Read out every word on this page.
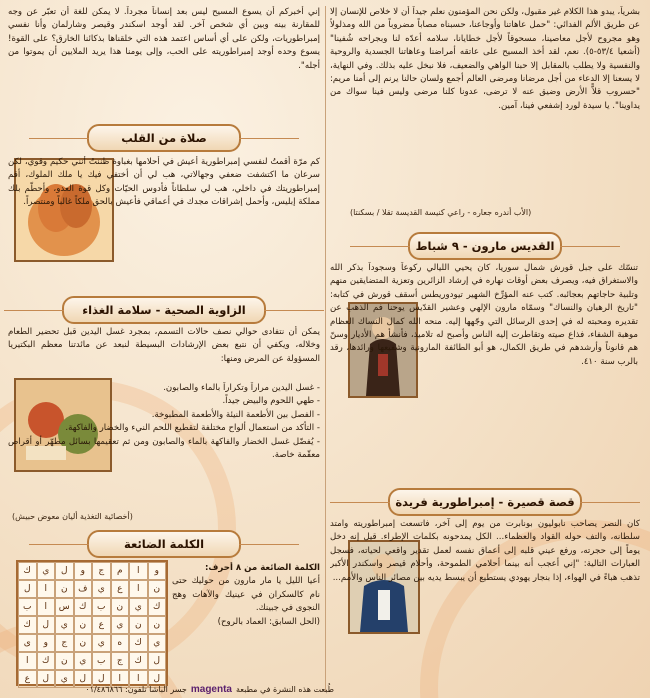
بشرياً، يبدو هذا الكلام غير مقبول، ولكن نحن المؤمنون نعلم جيداً أن لا خلاص للإنسان إلا عن طريق الألم الفدائي: "حمل عاهاتنا وأوجاعنا، حسبناه مصاباً مضروباً من الله ومذلولاً وهو مجروح لأجل معاصينا، مسحوقاً لأجل خطايانا، سلامه أعدّه لنا وبجراحه شُفينا" (أشعيا ٥٣/٤-٥). نعم، لقد أخذ المسيح على عاتقه أمراضنا وعاهاتنا الجسدية والروحية والنفسية ولا يطلب بالمقابل إلا حبنا الواهي والضعيف، فلا نبخل عليه بذلك. وفي النهاية، لا يسعنا إلا الدعاء من أجل مرضانا ومرضى العالم أجمع ولسان حالنا يرنم إلى أمنا مريم: "حسروب قلاًّ الأرض وضيق عنه لا ترضى، عدونا كلنا مرضى وليس فينا سواك من يداوينا". يا سيدة لورد إشفعي فينا، آمين.
(الأب أندره جعاره - راعي كنيسة القديسة تقلا / بسكنتا)
القديس مارون - ٩ شباط
تنسّك على جبل قورش شمال سوريا، كان يحيي الليالي ركوعاً وسجوداً بذكر الله والاستغراق فيه، ويصرف بعض أوقات نهاره في إرشاد الزائرين وتعزية المتضايقين منهم وتلبية حاجاتهم بعجائبه. كتب عنه المؤرِّخ الشهير تيودوريطس أسقف قورش في كتابه: "تاريخ الرهبان والنساك" وسمّاه مارون الإلهي وعشير القدّيس يوحنا فم الذهب عن تقديره ومحبته له في إحدى الرسائل التي وجّهها إليه. منحه الله كمال النساك العظام موهبة الشفاء، فذاع صيته وتقاطرت إليه الناس وأصبح له تلاميذ، فأنشأ هم الأديار وسنّ هم قانوناً وأرشدهم في طريق الكمال، هو أبو الطائفة المارونية وشفيعها ورائدها، رقد بالرب سنة ٤١٠.
قصة قصيرة - إمبراطورية فريدة
كان النصر يصاحب نابوليون بونابرت من يوم إلى آخر، فاتسعت إمبراطوريته وامتد سلطانه، والتف حوله القواد والعظماء... الكل يمدحونه بكلمات الإطراء. قيل إنه دخل يوماً إلى حجرته، ورفع عيني قلبه إلى أعماق نفسه لعمل تقدير واقعي لحياته، فسجل العبارات التالية: "إني أعجب أنه بينما أحلامي الطموحة، وأحلام قيصر واسكندر الأكبر تذهب هباءً في الهواء، إذا بنجار يهودي يستطيع أن يبسط يديه بين مصائر الناس والأمم...
إني أخبركم أن يسوع المسيح ليس بعد إنساناً مجرداً. لا يمكن للغة أن تعبّر عن وجه للمقارنة بينه وبين أي شخص آخر. لقد أوجد اسكندر وقيصر وشارلمان وأنا نفسي إمبراطوريات، ولكن على أي أساس اعتمد هذه التي خلقناها بذكائنا الخارق؟ على القوة! يسوع وحده أوجد إمبراطوريته على الحب، وإلى يومنا هذا يريد الملايين أن يموتوا من أجله".
صلاة من القلب
كم مرّة أقمتُ لنفسي إمبراطورية أعيش في أحلامها بغباوة ظننتُ أنني حكيم وقوي، لكن سرعان ما اكتشفت ضعفي وجهالاتي، هب لي أن أختفي فيك يا ملك الملوك، أقم إمبراطوريتك في داخلي، هب لي سلطاناً فأدوس الحيّات وكل قوة العدو، وأحطّم بلك مملكة إبليس، وأحمل إشراقات مجدك في أعماقي فأعيش بالحق ملكاً غالباً ومنتصراً.
الزاوية الصحية - سلامة الغذاء
يمكن أن نتفادى حوالي نصف حالات التسمم، بمجرد غسل اليدين قبل تحضير الطعام وخلاله، ويكفي أن نتبع بعض الإرشادات البسيطة لنبعد عن مائدتنا معظم البكتيريا المسؤولة عن المرض ومنها:
- غسل اليدين مراراً وتكراراً بالماء والصابون.
- طهي اللحوم والبيض جيداً.
- الفصل بين الأطعمة النيئة والأطعمة المطبوخة.
- التأكد من استعمال ألواح مختلفة لتقطيع اللحم النيء والخضار والفاكهة.
- يُفضّل غسل الخضار والفاكهة بالماء والصابون ومن ثم تعقيمها بسائل مطهّر أو أقراص معقّمة خاصة.
(أخصائية التغذية أليان معوض حبيش)
الكلمة الضائعة
الكلمة الضائعة من ٨ أحرف:
أعيا الليل يا مار مارون من حوليك حتى نام كالسكران في عينيك والآهات وهج النجوى في جبينك.
(الحل السابق: العماد بالروح)
و
ا
م
ج
و
ل
ي
ك
ن
ا
ع
ي
ف
ن
ا
ل
ك
ي
ن
ب
ك
س
ا
ب
ن
ن
ي
ع
ن
ي
ل
ك
ي
ك
ه
ي
ن
ج
و
ى
ل
ك
ج
ب
ي
ن
ك
ا
ل
ا
ا
ل
ل
ي
ل
ع
طُبعت هذه النشرة في مطبعة
magenta
جسر الباشا تلفون: ٠١/٤٨٦٨٦٦
